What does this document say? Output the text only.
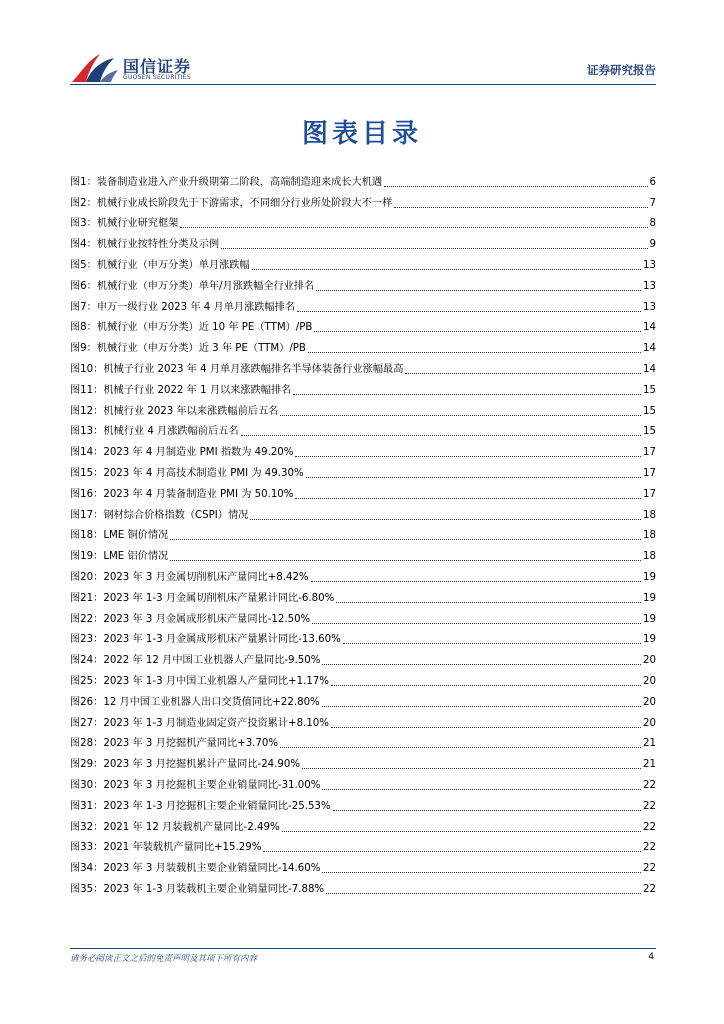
国信证券
GUOSEN SECURITIES
证券研究报告
图表目录
图1： 装备制造业进入产业升级期第二阶段，高端制造迎来成长大机遇	6
图2： 机械行业成长阶段先于下游需求，不同细分行业所处阶段大不一样	7
图3： 机械行业研究框架	8
图4： 机械行业按特性分类及示例	9
图5： 机械行业（申万分类）单月涨跌幅	13
图6： 机械行业（申万分类）单年/月涨跌幅全行业排名	13
图7： 申万一级行业 2023 年 4 月单月涨跌幅排名	13
图8： 机械行业（申万分类）近 10 年 PE（TTM）/PB	14
图9： 机械行业（申万分类）近 3 年 PE（TTM）/PB	14
图10： 机械子行业 2023 年 4 月单月涨跌幅排名半导体装备行业涨幅最高	14
图11： 机械子行业 2022 年 1 月以来涨跌幅排名	15
图12： 机械行业 2023 年以来涨跌幅前后五名	15
图13： 机械行业 4 月涨跌幅前后五名	15
图14： 2023 年 4 月制造业 PMI 指数为 49.20%	17
图15： 2023 年 4 月高技术制造业 PMI 为 49.30%	17
图16： 2023 年 4 月装备制造业 PMI 为 50.10%	17
图17： 钢材综合价格指数（CSPI）情况	18
图18： LME 铜价情况	18
图19： LME 铝价情况	18
图20： 2023 年 3 月金属切削机床产量同比+8.42%	19
图21： 2023 年 1-3 月金属切削机床产量累计同比-6.80%	19
图22： 2023 年 3 月金属成形机床产量同比-12.50%	19
图23： 2023 年 1-3 月金属成形机床产量累计同比-13.60%	19
图24： 2022 年 12 月中国工业机器人产量同比-9.50%	20
图25： 2023 年 1-3 月中国工业机器人产量同比+1.17%	20
图26： 12 月中国工业机器人出口交货值同比+22.80%	20
图27： 2023 年 1-3 月制造业固定资产投资累计+8.10%	20
图28： 2023 年 3 月挖掘机产量同比+3.70%	21
图29： 2023 年 3 月挖掘机累计产量同比-24.90%	21
图30： 2023 年 3 月挖掘机主要企业销量同比-31.00%	22
图31： 2023 年 1-3 月挖掘机主要企业销量同比-25.53%	22
图32： 2021 年 12 月装载机产量同比-2.49%	22
图33： 2021 年装载机产量同比+15.29%	22
图34： 2023 年 3 月装载机主要企业销量同比-14.60%	22
图35： 2023 年 1-3 月装载机主要企业销量同比-7.88%	22
请务必阅读正文之后的免责声明及其项下所有内容	4
